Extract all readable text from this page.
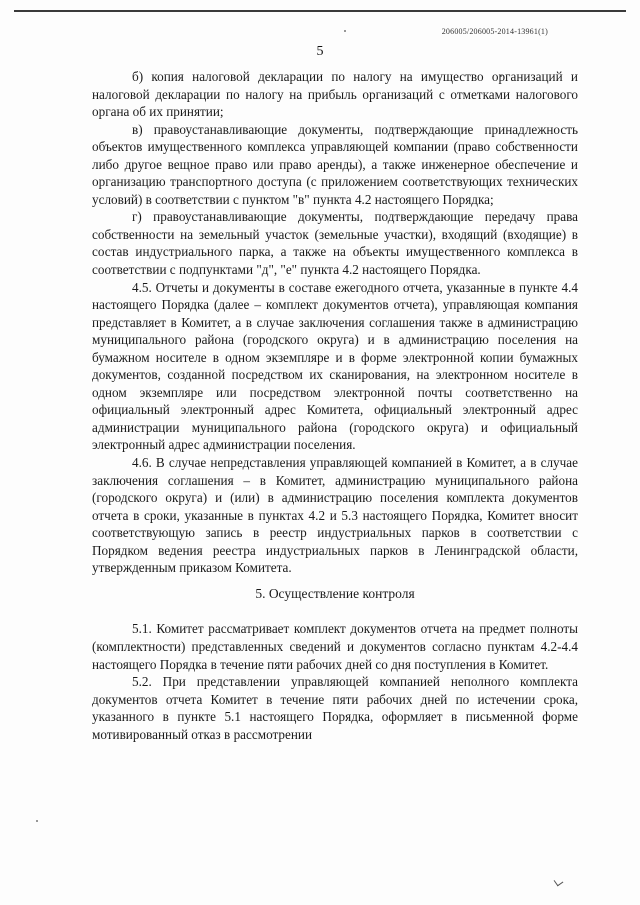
206005/206005-2014-13961(1)
5

б) копия налоговой декларации по налогу на имущество организаций и налоговой декларации по налогу на прибыль организаций с отметками налогового органа об их принятии;

в) правоустанавливающие документы, подтверждающие принадлежность объектов имущественного комплекса управляющей компании (право собственности либо другое вещное право или право аренды), а также инженерное обеспечение и организацию транспортного доступа (с приложением соответствующих технических условий) в соответствии с пунктом "в" пункта 4.2 настоящего Порядка;

г) правоустанавливающие документы, подтверждающие передачу права собственности на земельный участок (земельные участки), входящий (входящие) в состав индустриального парка, а также на объекты имущественного комплекса в соответствии с подпунктами "д", "е" пункта 4.2 настоящего Порядка.

4.5. Отчеты и документы в составе ежегодного отчета, указанные в пункте 4.4 настоящего Порядка (далее – комплект документов отчета), управляющая компания представляет в Комитет, а в случае заключения соглашения также в администрацию муниципального района (городского округа) и в администрацию поселения на бумажном носителе в одном экземпляре и в форме электронной копии бумажных документов, созданной посредством их сканирования, на электронном носителе в одном экземпляре или посредством электронной почты соответственно на официальный электронный адрес Комитета, официальный электронный адрес администрации муниципального района (городского округа) и официальный электронный адрес администрации поселения.

4.6. В случае непредставления управляющей компанией в Комитет, а в случае заключения соглашения – в Комитет, администрацию муниципального района (городского округа) и (или) в администрацию поселения комплекта документов отчета в сроки, указанные в пунктах 4.2 и 5.3 настоящего Порядка, Комитет вносит соответствующую запись в реестр индустриальных парков в соответствии с Порядком ведения реестра индустриальных парков в Ленинградской области, утвержденным приказом Комитета.

5. Осуществление контроля

5.1. Комитет рассматривает комплект документов отчета на предмет полноты (комплектности) представленных сведений и документов согласно пунктам 4.2-4.4 настоящего Порядка в течение пяти рабочих дней со дня поступления в Комитет.

5.2. При представлении управляющей компанией неполного комплекта документов отчета Комитет в течение пяти рабочих дней по истечении срока, указанного в пункте 5.1 настоящего Порядка, оформляет в письменной форме мотивированный отказ в рассмотрении
